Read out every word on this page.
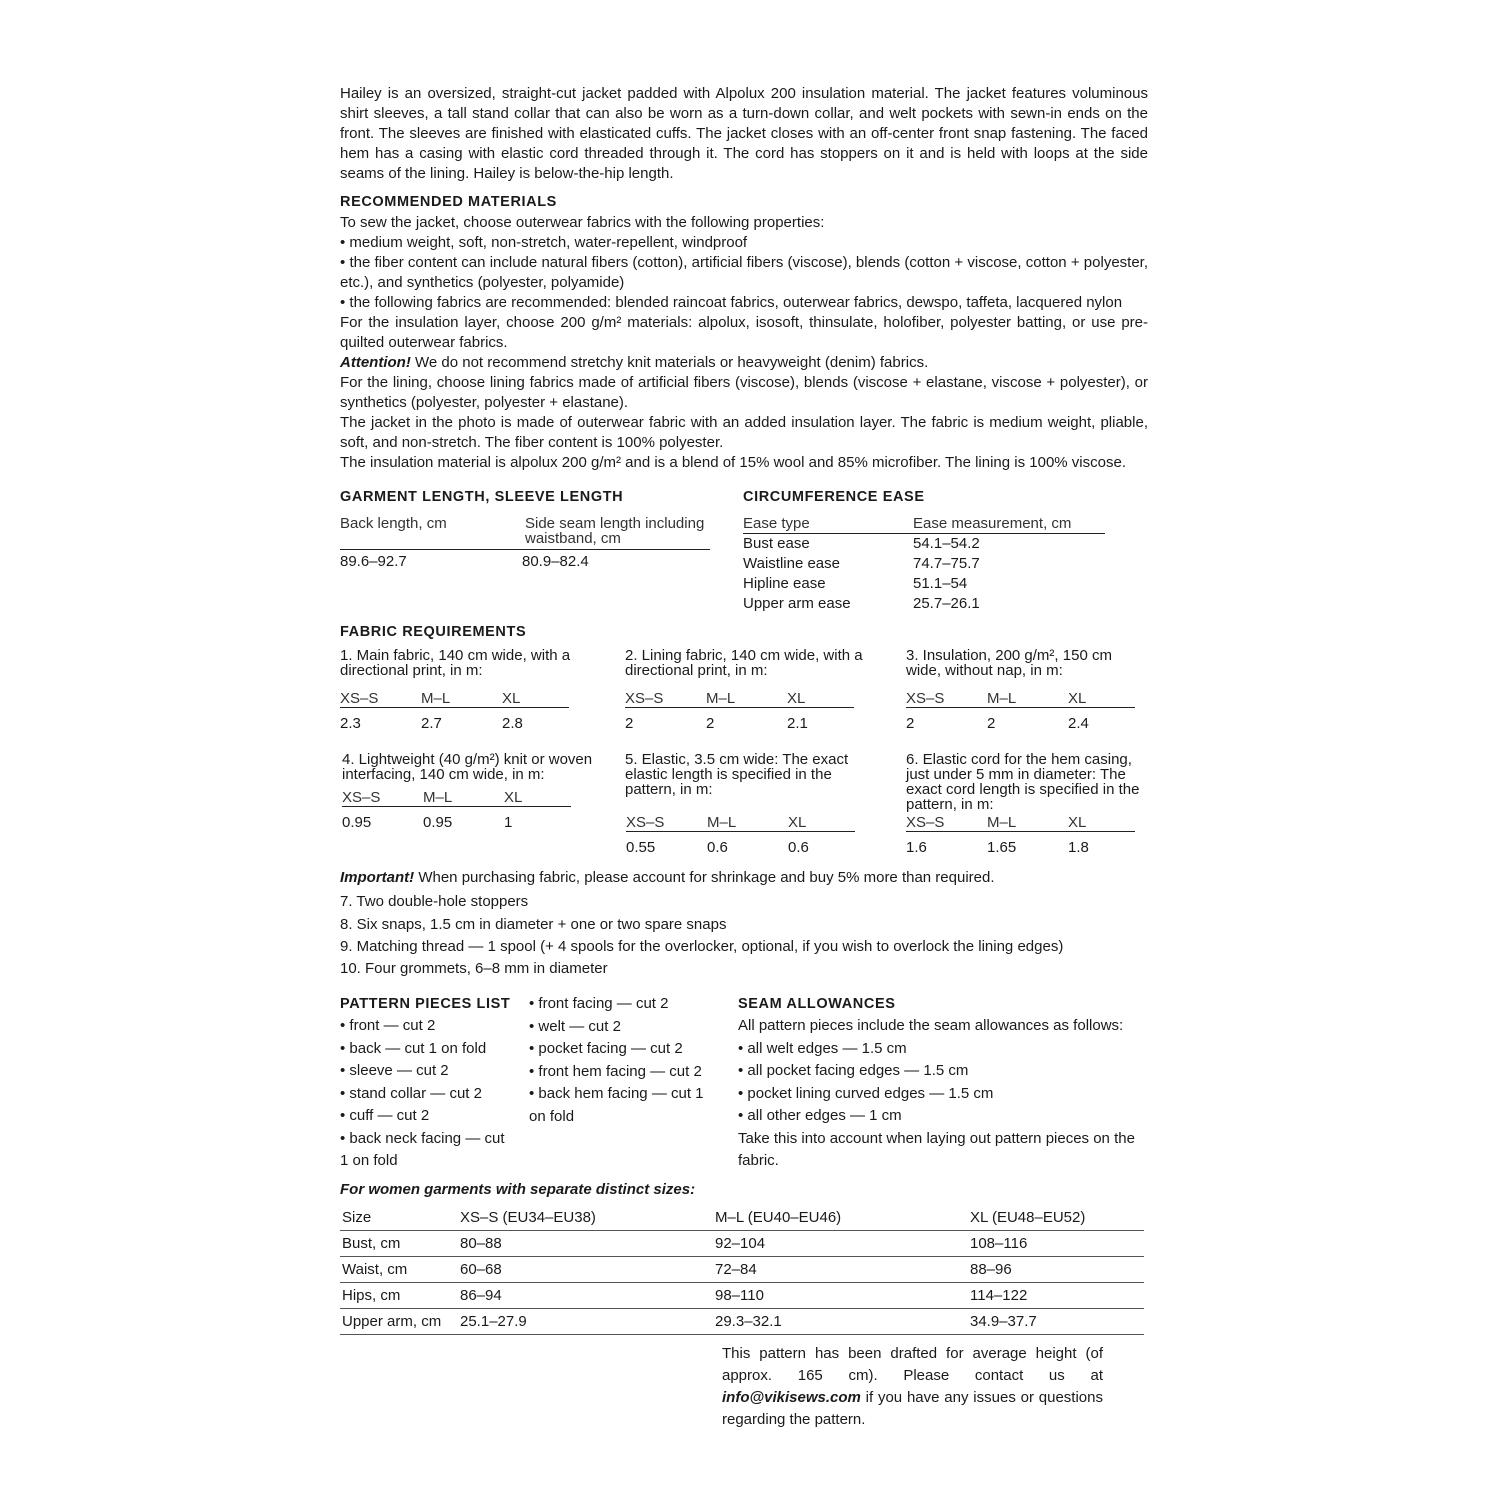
Hailey is an oversized, straight-cut jacket padded with Alpolux 200 insulation material. The jacket features voluminous shirt sleeves, a tall stand collar that can also be worn as a turn-down collar, and welt pockets with sewn-in ends on the front. The sleeves are finished with elasticated cuffs. The jacket closes with an off-center front snap fastening. The faced hem has a casing with elastic cord threaded through it. The cord has stoppers on it and is held with loops at the side seams of the lining. Hailey is below-the-hip length.
RECOMMENDED MATERIALS

To sew the jacket, choose outerwear fabrics with the following properties:

• medium weight, soft, non-stretch, water-repellent, windproof

• the fiber content can include natural fibers (cotton), artificial fibers (viscose), blends (cotton + viscose, cotton + polyester, etc.), and synthetics (polyester, polyamide)

• the following fabrics are recommended: blended raincoat fabrics, outerwear fabrics, dewspo, taffeta, lacquered nylon

For the insulation layer, choose 200 g/m² materials: alpolux, isosoft, thinsulate, holofiber, polyester batting, or use pre-quilted outerwear fabrics.

Attention! We do not recommend stretchy knit materials or heavyweight (denim) fabrics.

For the lining, choose lining fabrics made of artificial fibers (viscose), blends (viscose + elastane, viscose + polyester), or synthetics (polyester, polyester + elastane).

The jacket in the photo is made of outerwear fabric with an added insulation layer. The fabric is medium weight, pliable, soft, and non-stretch. The fiber content is 100% polyester.

The insulation material is alpolux 200 g/m² and is a blend of 15% wool and 85% microfiber. The lining is 100% viscose.

GARMENT LENGTH, SLEEVE LENGTH
Back length, cm	Side seam length including waistband, cm
89.6–92.7	80.9–82.4
CIRCUMFERENCE EASE
Ease type	Ease measurement, cm
Bust ease	54.1–54.2
Waistline ease	74.7–75.7
Hipline ease	51.1–54
Upper arm ease	25.7–26.1
FABRIC REQUIREMENTS
1. Main fabric, 140 cm wide, with a directional print, in m:
XS–S	M–L	XL
2.3	2.7	2.8
2. Lining fabric, 140 cm wide, with a directional print, in m:
XS–S	M–L	XL
2	2	2.1
3. Insulation, 200 g/m², 150 cm wide, without nap, in m:
XS–S	M–L	XL
2	2	2.4
4. Lightweight (40 g/m²) knit or woven interfacing, 140 cm wide, in m:
XS–S	M–L	XL
0.95	0.95	1
5. Elastic, 3.5 cm wide: The exact elastic length is specified in the pattern, in m:
XS–S	M–L	XL
0.55	0.6	0.6
6. Elastic cord for the hem casing, just under 5 mm in diameter: The exact cord length is specified in the pattern, in m:
XS–S	M–L	XL
1.6	1.65	1.8
Important! When purchasing fabric, please account for shrinkage and buy 5% more than required.
7. Two double-hole stoppers
8. Six snaps, 1.5 cm in diameter + one or two spare snaps
9. Matching thread — 1 spool (+ 4 spools for the overlocker, optional, if you wish to overlock the lining edges)
10. Four grommets, 6–8 mm in diameter
PATTERN PIECES LIST
• front — cut 2
• back — cut 1 on fold
• sleeve — cut 2
• stand collar — cut 2
• cuff — cut 2
• back neck facing — cut
1 on fold
• front facing — cut 2
• welt — cut 2
• pocket facing — cut 2
• front hem facing — cut 2
• back hem facing — cut 1
on fold
SEAM ALLOWANCES
All pattern pieces include the seam allowances as follows:
• all welt edges — 1.5 cm
• all pocket facing edges — 1.5 cm
• pocket lining curved edges — 1.5 cm
• all other edges — 1 cm
Take this into account when laying out pattern pieces on the
fabric.
For women garments with separate distinct sizes:
Size	XS–S (EU34–EU38)	M–L (EU40–EU46)	XL (EU48–EU52)
Bust, cm	80–88	92–104	108–116
Waist, cm	60–68	72–84	88–96
Hips, cm	86–94	98–110	114–122
Upper arm, cm	25.1–27.9	29.3–32.1	34.9–37.7
This pattern has been drafted for average height (of approx. 165 cm). Please contact us at info@vikisews.com if you have any issues or questions regarding the pattern.
